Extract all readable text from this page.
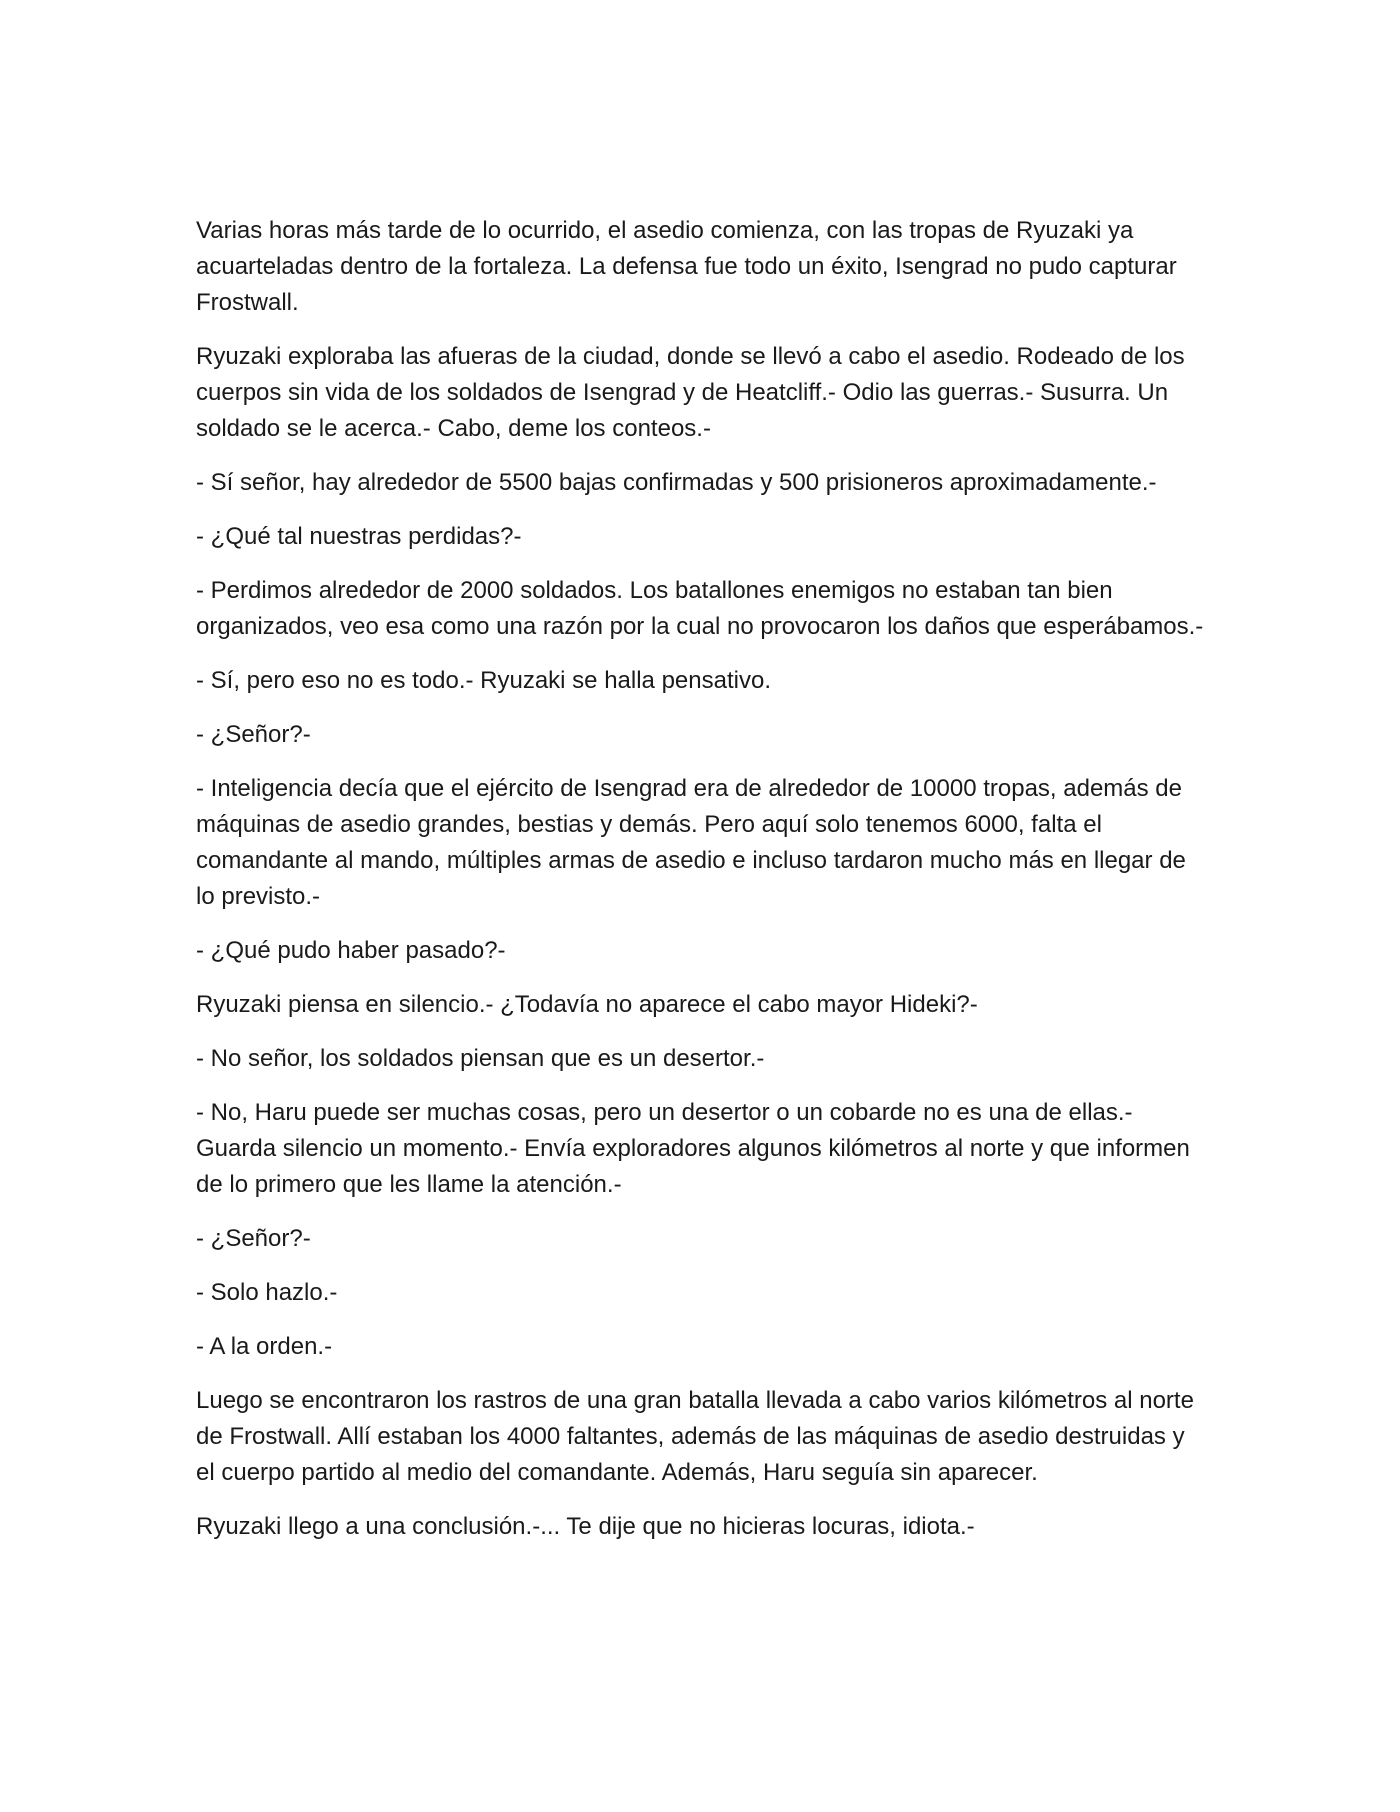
Varias horas más tarde de lo ocurrido, el asedio comienza, con las tropas de Ryuzaki ya acuarteladas dentro de la fortaleza. La defensa fue todo un éxito, Isengrad no pudo capturar Frostwall.

Ryuzaki exploraba las afueras de la ciudad, donde se llevó a cabo el asedio. Rodeado de los cuerpos sin vida de los soldados de Isengrad y de Heatcliff.- Odio las guerras.- Susurra. Un soldado se le acerca.- Cabo, deme los conteos.-

- Sí señor, hay alrededor de 5500 bajas confirmadas y 500 prisioneros aproximadamente.-

- ¿Qué tal nuestras perdidas?-

- Perdimos alrededor de 2000 soldados. Los batallones enemigos no estaban tan bien organizados, veo esa como una razón por la cual no provocaron los daños que esperábamos.-

- Sí, pero eso no es todo.- Ryuzaki se halla pensativo.

- ¿Señor?-

- Inteligencia decía que el ejército de Isengrad era de alrededor de 10000 tropas, además de máquinas de asedio grandes, bestias y demás. Pero aquí solo tenemos 6000, falta el comandante al mando, múltiples armas de asedio e incluso tardaron mucho más en llegar de lo previsto.-

- ¿Qué pudo haber pasado?-

Ryuzaki piensa en silencio.- ¿Todavía no aparece el cabo mayor Hideki?-

- No señor, los soldados piensan que es un desertor.-

- No, Haru puede ser muchas cosas, pero un desertor o un cobarde no es una de ellas.- Guarda silencio un momento.- Envía exploradores algunos kilómetros al norte y que informen de lo primero que les llame la atención.-

- ¿Señor?-

- Solo hazlo.-

- A la orden.-

Luego se encontraron los rastros de una gran batalla llevada a cabo varios kilómetros al norte de Frostwall. Allí estaban los 4000 faltantes, además de las máquinas de asedio destruidas y el cuerpo partido al medio del comandante. Además, Haru seguía sin aparecer.

Ryuzaki llego a una conclusión.-... Te dije que no hicieras locuras, idiota.-
